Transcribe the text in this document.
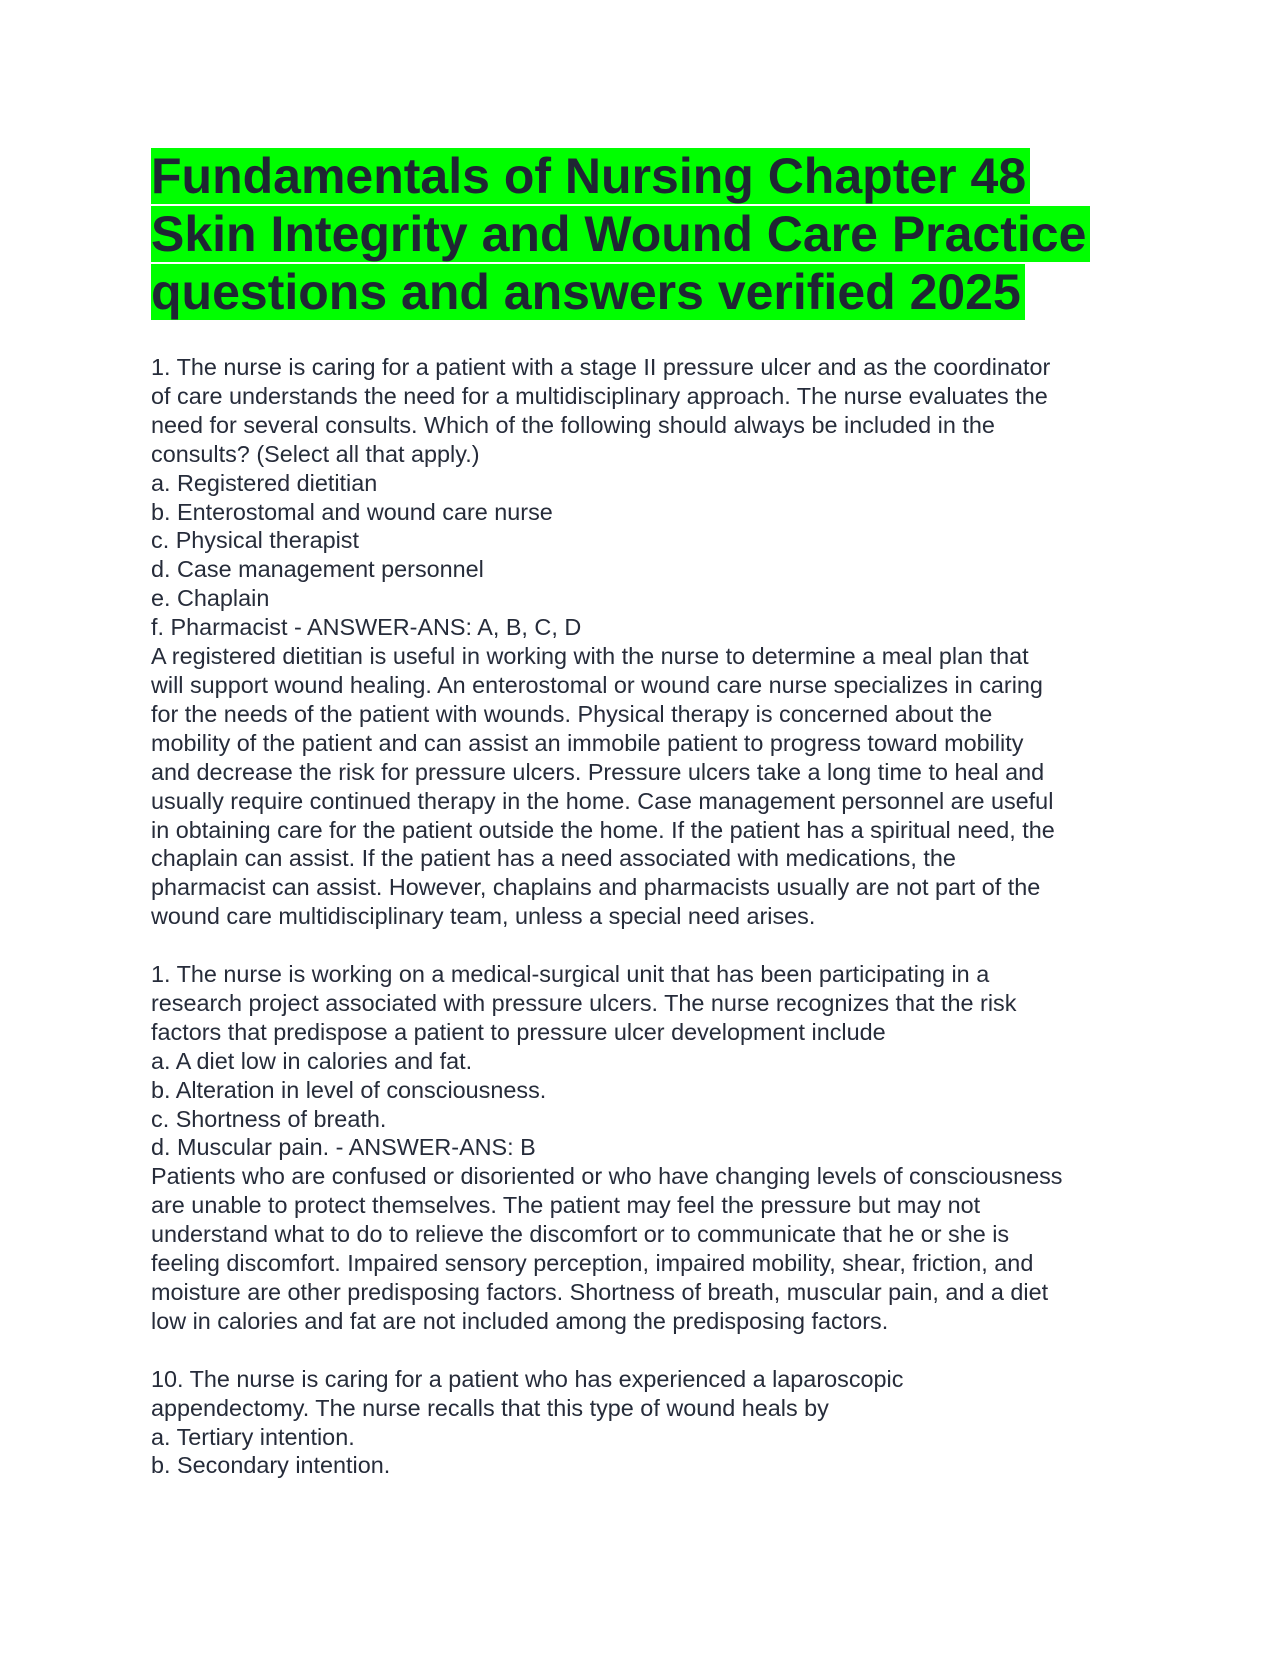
Fundamentals of Nursing Chapter 48
Skin Integrity and Wound Care Practice
questions and answers verified 2025

1. The nurse is caring for a patient with a stage II pressure ulcer and as the coordinator

of care understands the need for a multidisciplinary approach. The nurse evaluates the

need for several consults. Which of the following should always be included in the

consults? (Select all that apply.)

a. Registered dietitian

b. Enterostomal and wound care nurse

c. Physical therapist

d. Case management personnel

e. Chaplain

f. Pharmacist - ANSWER-ANS: A, B, C, D

A registered dietitian is useful in working with the nurse to determine a meal plan that

will support wound healing. An enterostomal or wound care nurse specializes in caring

for the needs of the patient with wounds. Physical therapy is concerned about the

mobility of the patient and can assist an immobile patient to progress toward mobility

and decrease the risk for pressure ulcers. Pressure ulcers take a long time to heal and

usually require continued therapy in the home. Case management personnel are useful

in obtaining care for the patient outside the home. If the patient has a spiritual need, the

chaplain can assist. If the patient has a need associated with medications, the

pharmacist can assist. However, chaplains and pharmacists usually are not part of the

wound care multidisciplinary team, unless a special need arises.

1. The nurse is working on a medical-surgical unit that has been participating in a

research project associated with pressure ulcers. The nurse recognizes that the risk

factors that predispose a patient to pressure ulcer development include

a. A diet low in calories and fat.

b. Alteration in level of consciousness.

c. Shortness of breath.

d. Muscular pain. - ANSWER-ANS: B

Patients who are confused or disoriented or who have changing levels of consciousness

are unable to protect themselves. The patient may feel the pressure but may not

understand what to do to relieve the discomfort or to communicate that he or she is

feeling discomfort. Impaired sensory perception, impaired mobility, shear, friction, and

moisture are other predisposing factors. Shortness of breath, muscular pain, and a diet

low in calories and fat are not included among the predisposing factors.

10. The nurse is caring for a patient who has experienced a laparoscopic

appendectomy. The nurse recalls that this type of wound heals by

a. Tertiary intention.

b. Secondary intention.
